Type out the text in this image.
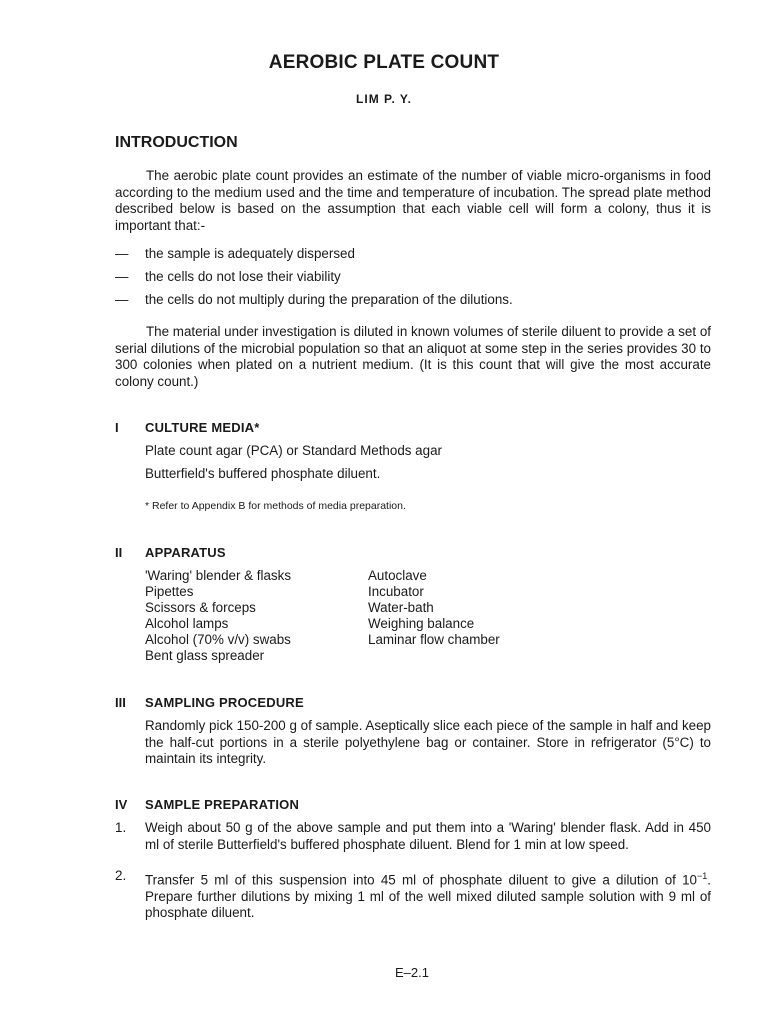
AEROBIC PLATE COUNT
LIM P. Y.
INTRODUCTION
The aerobic plate count provides an estimate of the number of viable micro-organisms in food according to the medium used and the time and temperature of incubation. The spread plate method described below is based on the assumption that each viable cell will form a colony, thus it is important that:-
— the sample is adequately dispersed
— the cells do not lose their viability
— the cells do not multiply during the preparation of the dilutions.
The material under investigation is diluted in known volumes of sterile diluent to provide a set of serial dilutions of the microbial population so that an aliquot at some step in the series provides 30 to 300 colonies when plated on a nutrient medium. (It is this count that will give the most accurate colony count.)
I CULTURE MEDIA*
Plate count agar (PCA) or Standard Methods agar
Butterfield's buffered phosphate diluent.
* Refer to Appendix B for methods of media preparation.
II APPARATUS
'Waring' blender & flasks
Pipettes
Scissors & forceps
Alcohol lamps
Alcohol (70% v/v) swabs
Bent glass spreader
Autoclave
Incubator
Water-bath
Weighing balance
Laminar flow chamber
III SAMPLING PROCEDURE
Randomly pick 150-200 g of sample. Aseptically slice each piece of the sample in half and keep the half-cut portions in a sterile polyethylene bag or container. Store in refrigerator (5°C) to maintain its integrity.
IV SAMPLE PREPARATION
1. Weigh about 50 g of the above sample and put them into a 'Waring' blender flask. Add in 450 ml of sterile Butterfield's buffered phosphate diluent. Blend for 1 min at low speed.
2. Transfer 5 ml of this suspension into 45 ml of phosphate diluent to give a dilution of $10^{-1}$. Prepare further dilutions by mixing 1 ml of the well mixed diluted sample solution with 9 ml of phosphate diluent.
E–2.1
